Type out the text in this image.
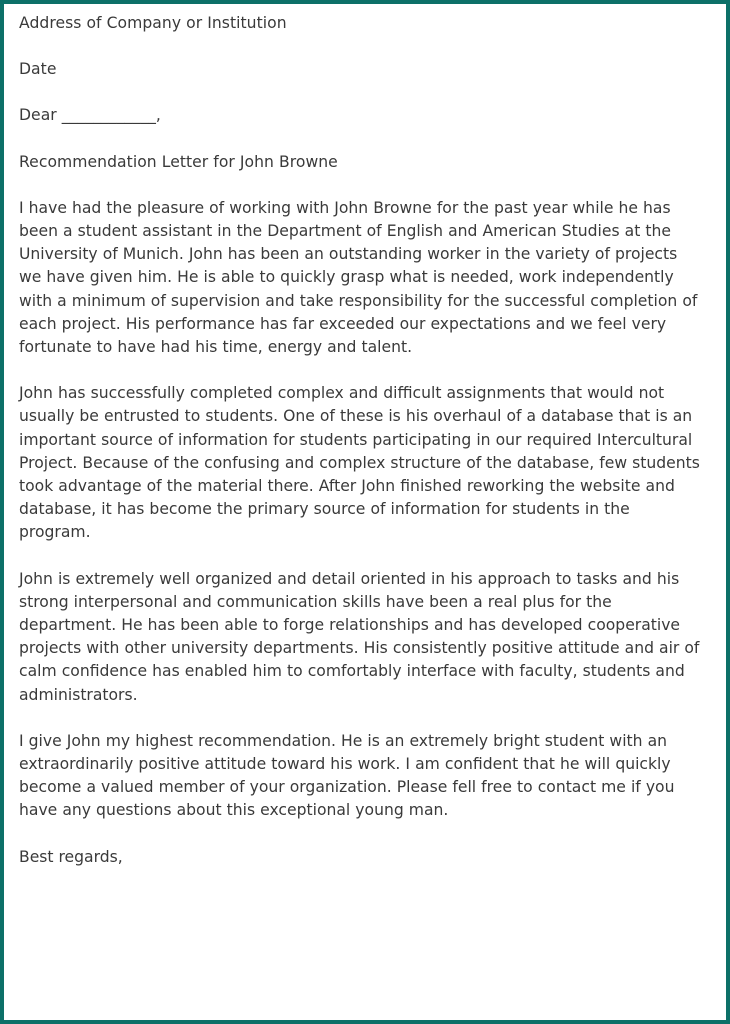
Address of Company or Institution

Date

Dear ____________,

Recommendation Letter for John Browne

I have had the pleasure of working with John Browne for the past year while he has been a student assistant in the Department of English and American Studies at the University of Munich. John has been an outstanding worker in the variety of projects we have given him. He is able to quickly grasp what is needed, work independently with a minimum of supervision and take responsibility for the successful completion of each project. His performance has far exceeded our expectations and we feel very fortunate to have had his time, energy and talent.

John has successfully completed complex and difficult assignments that would not usually be entrusted to students. One of these is his overhaul of a database that is an important source of information for students participating in our required Intercultural Project. Because of the confusing and complex structure of the database, few students took advantage of the material there. After John finished reworking the website and database, it has become the primary source of information for students in the program.

John is extremely well organized and detail oriented in his approach to tasks and his strong interpersonal and communication skills have been a real plus for the department. He has been able to forge relationships and has developed cooperative projects with other university departments. His consistently positive attitude and air of calm confidence has enabled him to comfortably interface with faculty, students and administrators.

I give John my highest recommendation. He is an extremely bright student with an extraordinarily positive attitude toward his work. I am confident that he will quickly become a valued member of your organization. Please fell free to contact me if you have any questions about this exceptional young man.

Best regards,
